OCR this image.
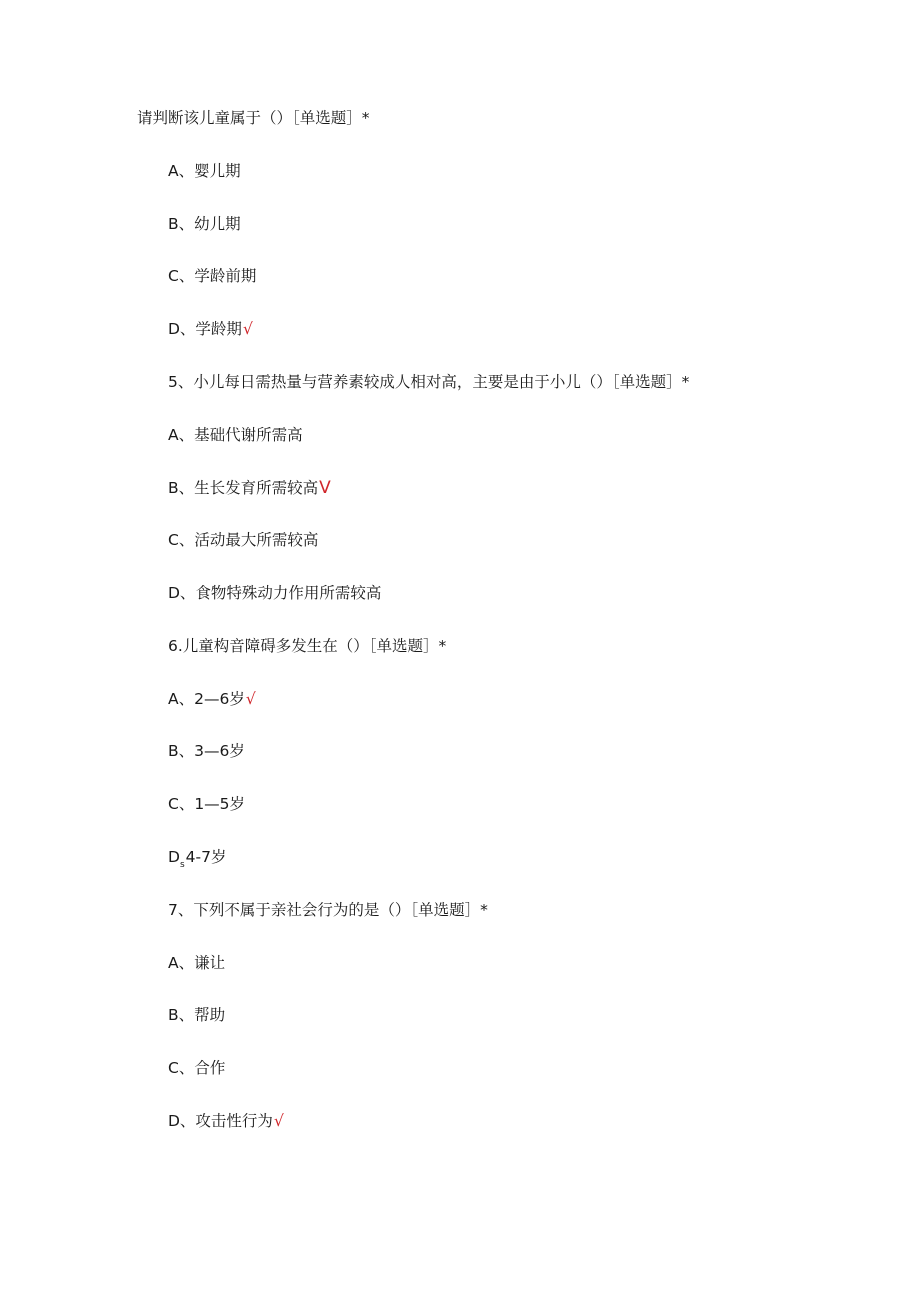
请判断该儿童属于（）［单选题］*
A、婴儿期
B、幼儿期
C、学龄前期
D、学龄期√
5、小儿每日需热量与营养素较成人相对高，主要是由于小儿（）［单选题］*
A、基础代谢所需高
B、生长发育所需较高V
C、活动最大所需较高
D、食物特殊动力作用所需较高
6.儿童构音障碍多发生在（）［单选题］*
A、2—6岁√
B、3—6岁
C、1—5岁
$D_s4-7$岁
7、下列不属于亲社会行为的是（）［单选题］*
A、谦让
B、帮助
C、合作
D、攻击性行为√
